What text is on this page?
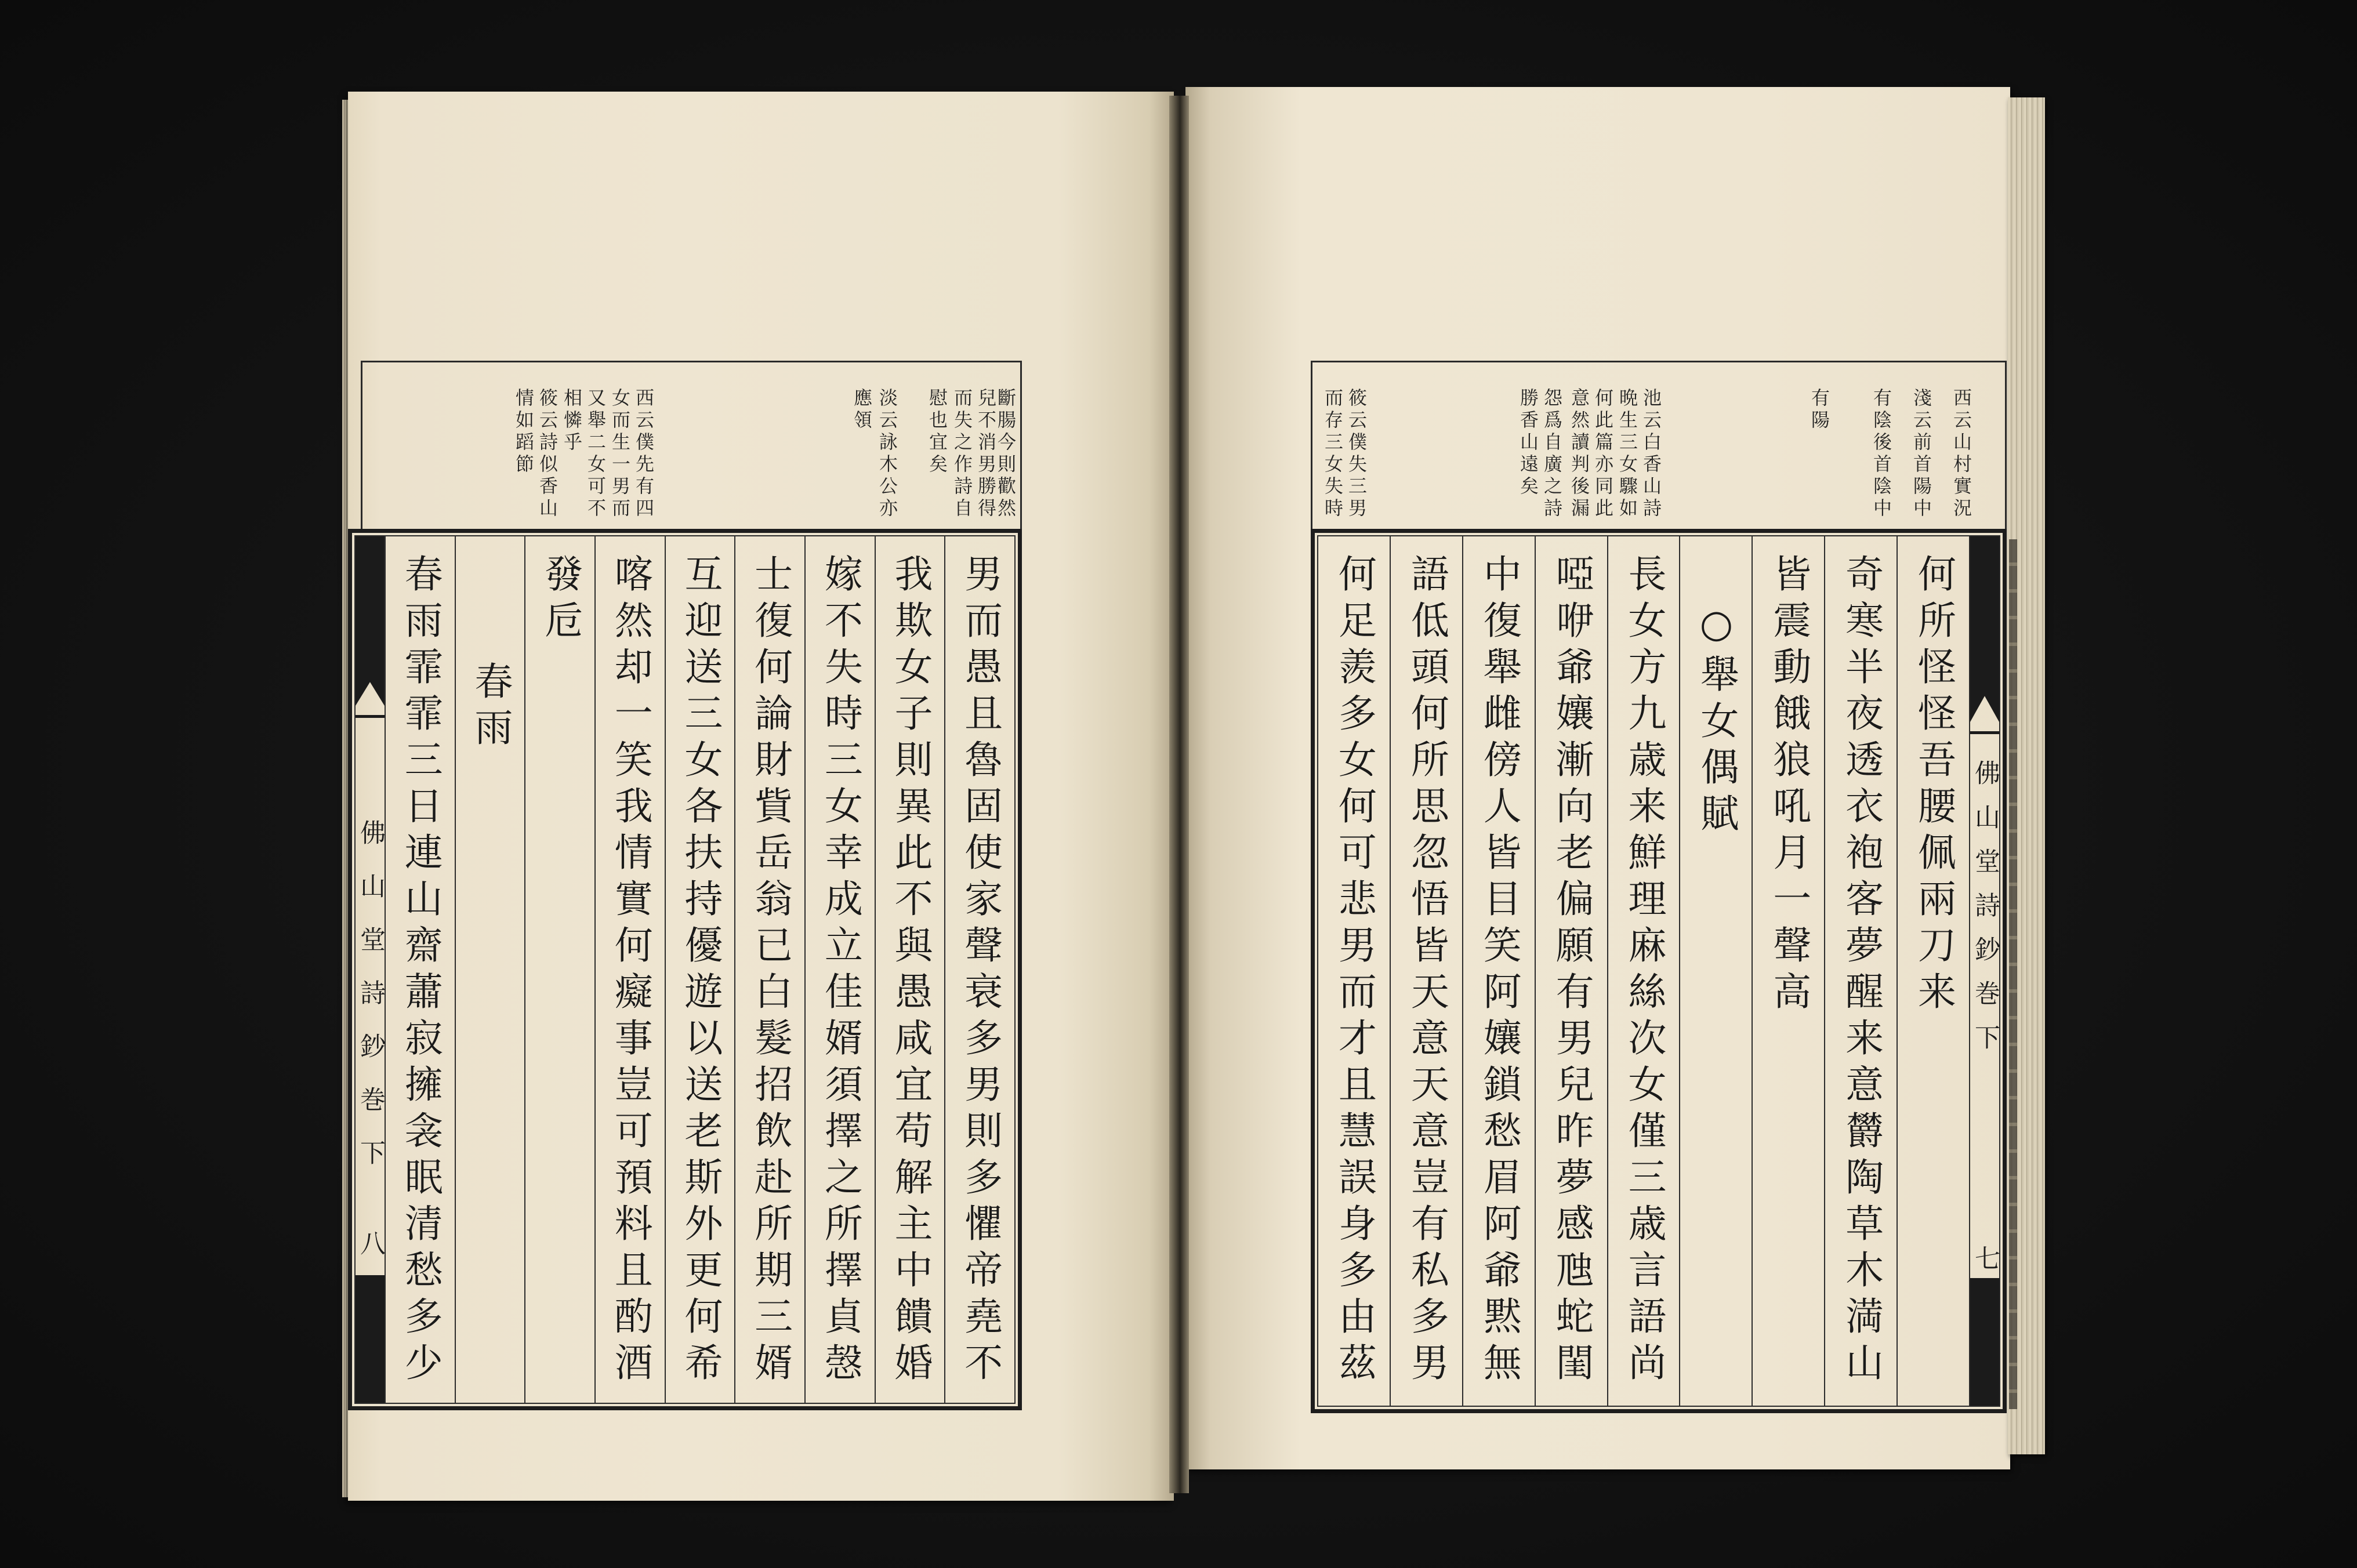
斷腸今則歡然
兒不消男勝得
而失之作詩自
慰也宜矣
淡云詠木公亦
應領
西云僕先有四
女而生一男而
又舉二女可不
相憐乎
筱云詩似香山
情如蹈節
男而愚且魯固使家聲衰多男則多懼帝堯不
我欺女子則異此不與愚咸宜苟解主中饋婚
嫁不失時三女幸成立佳婿須擇之所擇貞愨
士復何論財貲岳翁已白髮招飲赴所期三婿
互迎送三女各扶持優遊以送老斯外更何希
喀然却一笑我情實何癡事豈可預料且酌酒
發卮
春雨
春雨霏霏三日連山齋蕭寂擁衾眠清愁多少
佛山堂詩鈔巻下
八
西云山村實況
淺云前首陽中
有陰後首陰中
有陽
池云白香山詩
晩生三女驟如
何此篇亦同此
意然讀判後漏
怨爲自廣之詩
勝香山遠矣
筱云僕失三男
而存三女失時
佛山堂詩鈔巻下
七
何所怪怪吾腰佩兩刀来
奇寒半夜透衣袍客夢醒来意欝陶草木満山
皆震動餓狼吼月一聲高
○舉女偶賦
長女方九歳来鮮理麻絲次女僅三歳言語尚
啞咿爺孃漸向老偏願有男兒昨夢感虺蛇閨
中復舉雌傍人皆目笑阿孃鎖愁眉阿爺黙無
語低頭何所思忽悟皆天意天意豈有私多男
何足羨多女何可悲男而才且慧誤身多由茲
